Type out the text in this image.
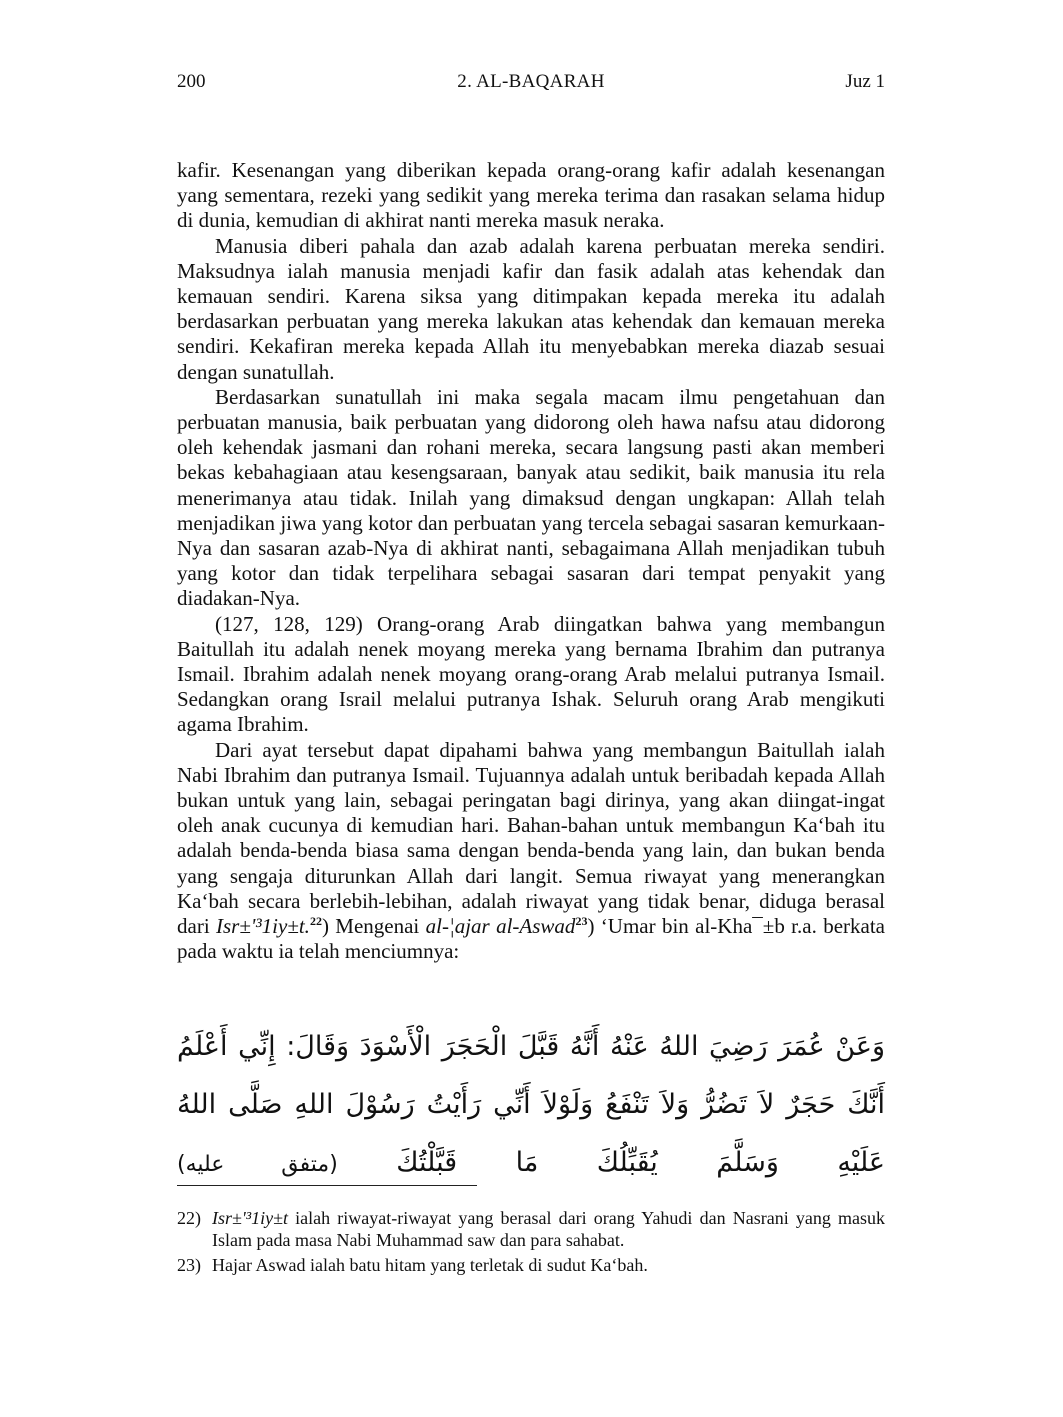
200	2. AL-BAQARAH	Juz 1

kafir. Kesenangan yang diberikan kepada orang-orang kafir adalah kesenangan yang sementara, rezeki yang sedikit yang mereka terima dan rasakan selama hidup di dunia, kemudian di akhirat nanti mereka masuk neraka.

Manusia diberi pahala dan azab adalah karena perbuatan mereka sendiri. Maksudnya ialah manusia menjadi kafir dan fasik adalah atas kehendak dan kemauan sendiri. Karena siksa yang ditimpakan kepada mereka itu adalah berdasarkan perbuatan yang mereka lakukan atas kehendak dan kemauan mereka sendiri. Kekafiran mereka kepada Allah itu menyebabkan mereka diazab sesuai dengan sunatullah.

Berdasarkan sunatullah ini maka segala macam ilmu pengetahuan dan perbuatan manusia, baik perbuatan yang didorong oleh hawa nafsu atau didorong oleh kehendak jasmani dan rohani mereka, secara langsung pasti akan memberi bekas kebahagiaan atau kesengsaraan, banyak atau sedikit, baik manusia itu rela menerimanya atau tidak. Inilah yang dimaksud dengan ungkapan: Allah telah menjadikan jiwa yang kotor dan perbuatan yang tercela sebagai sasaran kemurkaan-Nya dan sasaran azab-Nya di akhirat nanti, sebagaimana Allah menjadikan tubuh yang kotor dan tidak terpelihara sebagai sasaran dari tempat penyakit yang diadakan-Nya.

(127, 128, 129) Orang-orang Arab diingatkan bahwa yang membangun Baitullah itu adalah nenek moyang mereka yang bernama Ibrahim dan putranya Ismail. Ibrahim adalah nenek moyang orang-orang Arab melalui putranya Ismail. Sedangkan orang Israil melalui putranya Ishak. Seluruh orang Arab mengikuti agama Ibrahim.

Dari ayat tersebut dapat dipahami bahwa yang membangun Baitullah ialah Nabi Ibrahim dan putranya Ismail. Tujuannya adalah untuk beribadah kepada Allah bukan untuk yang lain, sebagai peringatan bagi dirinya, yang akan diingat-ingat oleh anak cucunya di kemudian hari. Bahan-bahan untuk membangun Ka‘bah itu adalah benda-benda biasa sama dengan benda-benda yang lain, dan bukan benda yang sengaja diturunkan Allah dari langit. Semua riwayat yang menerangkan Ka‘bah secara berlebih-lebihan, adalah riwayat yang tidak benar, diduga berasal dari Isr±'³1iy±t.$^{22}$) Mengenai al-¦ajar al-Aswad$^{23}$) ‘Umar bin al-Kha¯±b r.a. berkata pada waktu ia telah menciumnya:

وَعَنْ عُمَرَ رَضِيَ اللهُ عَنْهُ أَنَّهُ قَبَّلَ الْحَجَرَ الْأَسْوَدَ وَقَالَ: إِنِّي أَعْلَمُ أَنَّكَ حَجَرٌ لاَ تَضُرُّ وَلاَ تَنْفَعُ وَلَوْلاَ أَنِّي رَأَيْتُ رَسُوْلَ اللهِ صَلَّى اللهُ عَلَيْهِ وَسَلَّمَ يُقَبِّلُكَ مَا قَبَّلْتُكَ (متفق عليه)

22) Isr±'³1iy±t ialah riwayat-riwayat yang berasal dari orang Yahudi dan Nasrani yang masuk Islam pada masa Nabi Muhammad saw dan para sahabat.

23) Hajar Aswad ialah batu hitam yang terletak di sudut Ka‘bah.
